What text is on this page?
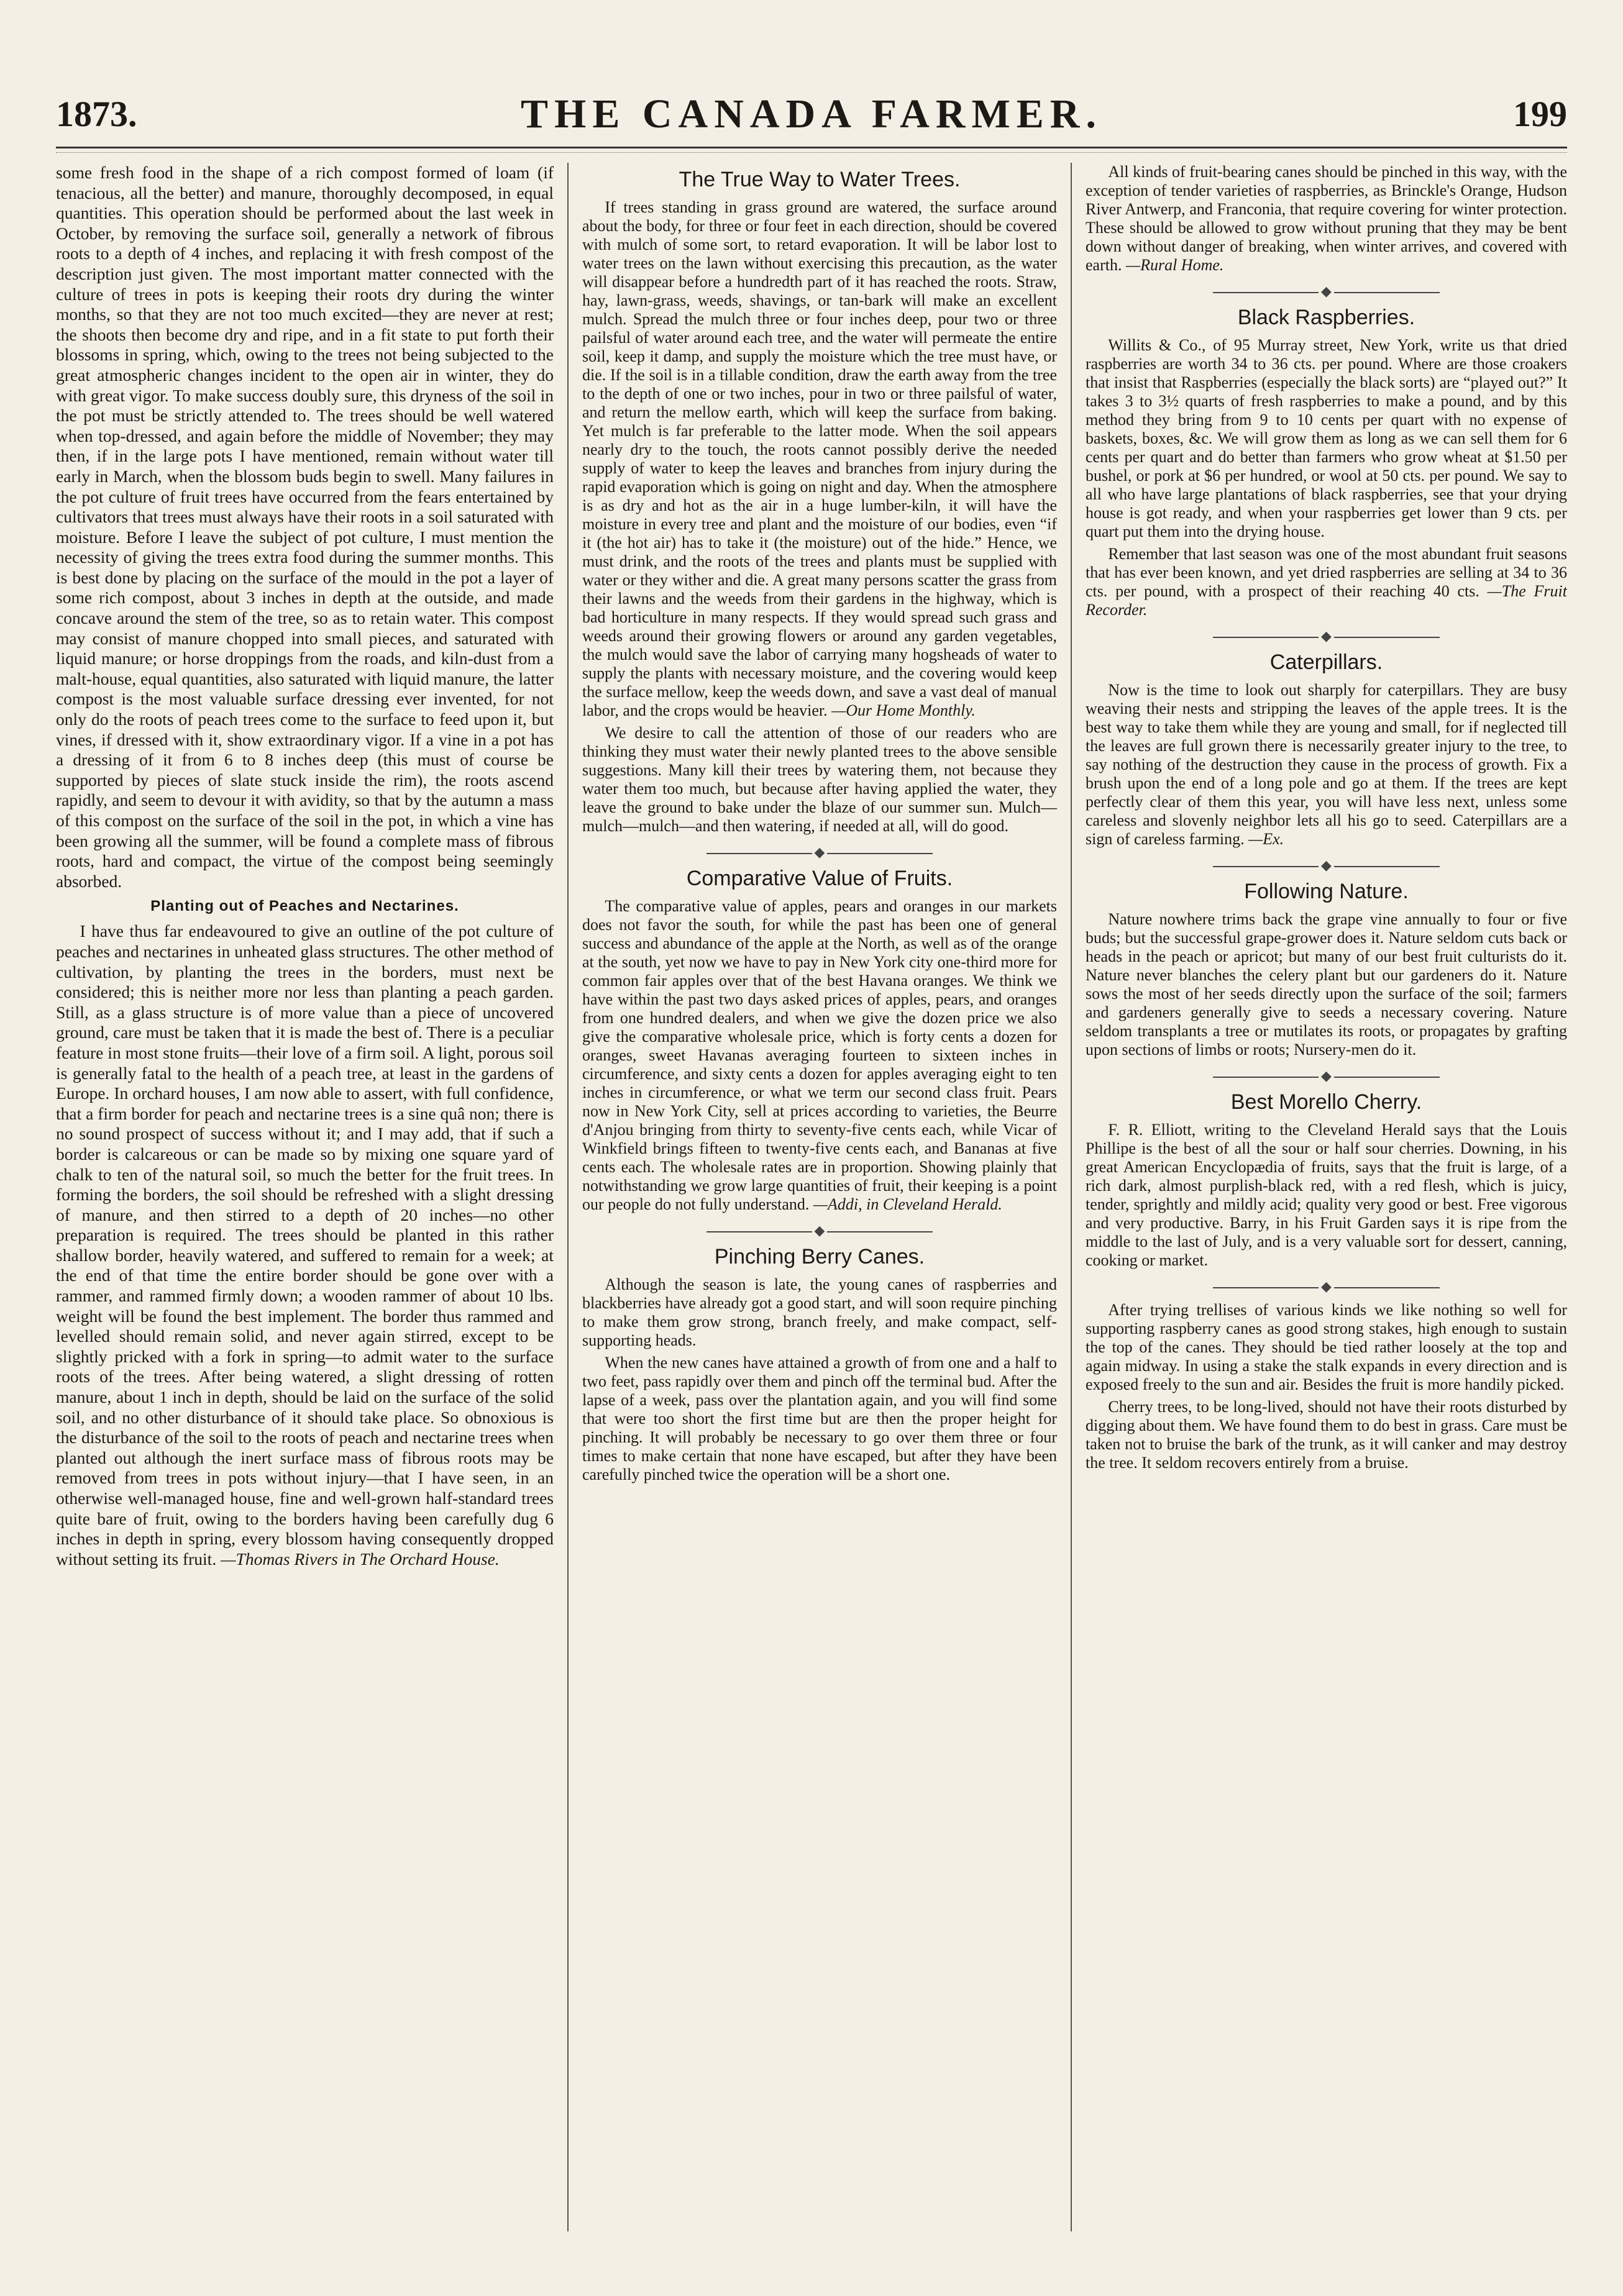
1873.	THE CANADA FARMER.	199

some fresh food in the shape of a rich compost formed of loam (if tenacious, all the better) and manure, thoroughly decomposed, in equal quantities. This operation should be performed about the last week in October, by removing the surface soil, generally a network of fibrous roots to a depth of 4 inches, and replacing it with fresh compost of the description just given. The most important matter connected with the culture of trees in pots is keeping their roots dry during the winter months, so that they are not too much excited—they are never at rest; the shoots then become dry and ripe, and in a fit state to put forth their blossoms in spring, which, owing to the trees not being subjected to the great atmospheric changes incident to the open air in winter, they do with great vigor. To make success doubly sure, this dryness of the soil in the pot must be strictly attended to. The trees should be well watered when top-dressed, and again before the middle of November; they may then, if in the large pots I have mentioned, remain without water till early in March, when the blossom buds begin to swell. Many failures in the pot culture of fruit trees have occurred from the fears entertained by cultivators that trees must always have their roots in a soil saturated with moisture. Before I leave the subject of pot culture, I must mention the necessity of giving the trees extra food during the summer months. This is best done by placing on the surface of the mould in the pot a layer of some rich compost, about 3 inches in depth at the outside, and made concave around the stem of the tree, so as to retain water. This compost may consist of manure chopped into small pieces, and saturated with liquid manure; or horse droppings from the roads, and kiln-dust from a malt-house, equal quantities, also saturated with liquid manure, the latter compost is the most valuable surface dressing ever invented, for not only do the roots of peach trees come to the surface to feed upon it, but vines, if dressed with it, show extraordinary vigor. If a vine in a pot has a dressing of it from 6 to 8 inches deep (this must of course be supported by pieces of slate stuck inside the rim), the roots ascend rapidly, and seem to devour it with avidity, so that by the autumn a mass of this compost on the surface of the soil in the pot, in which a vine has been growing all the summer, will be found a complete mass of fibrous roots, hard and compact, the virtue of the compost being seemingly absorbed.

Planting out of Peaches and Nectarines.

I have thus far endeavoured to give an outline of the pot culture of peaches and nectarines in unheated glass structures. The other method of cultivation, by planting the trees in the borders, must next be considered; this is neither more nor less than planting a peach garden. Still, as a glass structure is of more value than a piece of uncovered ground, care must be taken that it is made the best of. There is a peculiar feature in most stone fruits—their love of a firm soil. A light, porous soil is generally fatal to the health of a peach tree, at least in the gardens of Europe. In orchard houses, I am now able to assert, with full confidence, that a firm border for peach and nectarine trees is a sine quâ non; there is no sound prospect of success without it; and I may add, that if such a border is calcareous or can be made so by mixing one square yard of chalk to ten of the natural soil, so much the better for the fruit trees. In forming the borders, the soil should be refreshed with a slight dressing of manure, and then stirred to a depth of 20 inches—no other preparation is required. The trees should be planted in this rather shallow border, heavily watered, and suffered to remain for a week; at the end of that time the entire border should be gone over with a rammer, and rammed firmly down; a wooden rammer of about 10 lbs. weight will be found the best implement. The border thus rammed and levelled should remain solid, and never again stirred, except to be slightly pricked with a fork in spring—to admit water to the surface roots of the trees. After being watered, a slight dressing of rotten manure, about 1 inch in depth, should be laid on the surface of the solid soil, and no other disturbance of it should take place. So obnoxious is the disturbance of the soil to the roots of peach and nectarine trees when planted out although the inert surface mass of fibrous roots may be removed from trees in pots without injury—that I have seen, in an otherwise well-managed house, fine and well-grown half-standard trees quite bare of fruit, owing to the borders having been carefully dug 6 inches in depth in spring, every blossom having consequently dropped without setting its fruit. —Thomas Rivers in The Orchard House.

The True Way to Water Trees.

If trees standing in grass ground are watered, the surface around about the body, for three or four feet in each direction, should be covered with mulch of some sort, to retard evaporation. It will be labor lost to water trees on the lawn without exercising this precaution, as the water will disappear before a hundredth part of it has reached the roots. Straw, hay, lawn-grass, weeds, shavings, or tan-bark will make an excellent mulch. Spread the mulch three or four inches deep, pour two or three pailsful of water around each tree, and the water will permeate the entire soil, keep it damp, and supply the moisture which the tree must have, or die. If the soil is in a tillable condition, draw the earth away from the tree to the depth of one or two inches, pour in two or three pailsful of water, and return the mellow earth, which will keep the surface from baking. Yet mulch is far preferable to the latter mode. When the soil appears nearly dry to the touch, the roots cannot possibly derive the needed supply of water to keep the leaves and branches from injury during the rapid evaporation which is going on night and day. When the atmosphere is as dry and hot as the air in a huge lumber-kiln, it will have the moisture in every tree and plant and the moisture of our bodies, even “if it (the hot air) has to take it (the moisture) out of the hide.” Hence, we must drink, and the roots of the trees and plants must be supplied with water or they wither and die. A great many persons scatter the grass from their lawns and the weeds from their gardens in the highway, which is bad horticulture in many respects. If they would spread such grass and weeds around their growing flowers or around any garden vegetables, the mulch would save the labor of carrying many hogsheads of water to supply the plants with necessary moisture, and the covering would keep the surface mellow, keep the weeds down, and save a vast deal of manual labor, and the crops would be heavier. —Our Home Monthly.

We desire to call the attention of those of our readers who are thinking they must water their newly planted trees to the above sensible suggestions. Many kill their trees by watering them, not because they water them too much, but because after having applied the water, they leave the ground to bake under the blaze of our summer sun. Mulch—mulch—mulch—and then watering, if needed at all, will do good.

◆
Comparative Value of Fruits.

The comparative value of apples, pears and oranges in our markets does not favor the south, for while the past has been one of general success and abundance of the apple at the North, as well as of the orange at the south, yet now we have to pay in New York city one-third more for common fair apples over that of the best Havana oranges. We think we have within the past two days asked prices of apples, pears, and oranges from one hundred dealers, and when we give the dozen price we also give the comparative wholesale price, which is forty cents a dozen for oranges, sweet Havanas averaging fourteen to sixteen inches in circumference, and sixty cents a dozen for apples averaging eight to ten inches in circumference, or what we term our second class fruit. Pears now in New York City, sell at prices according to varieties, the Beurre d'Anjou bringing from thirty to seventy-five cents each, while Vicar of Winkfield brings fifteen to twenty-five cents each, and Bananas at five cents each. The wholesale rates are in proportion. Showing plainly that notwithstanding we grow large quantities of fruit, their keeping is a point our people do not fully understand. —Addi, in Cleveland Herald.

◆
Pinching Berry Canes.

Although the season is late, the young canes of raspberries and blackberries have already got a good start, and will soon require pinching to make them grow strong, branch freely, and make compact, self-supporting heads.

When the new canes have attained a growth of from one and a half to two feet, pass rapidly over them and pinch off the terminal bud. After the lapse of a week, pass over the plantation again, and you will find some that were too short the first time but are then the proper height for pinching. It will probably be necessary to go over them three or four times to make certain that none have escaped, but after they have been carefully pinched twice the operation will be a short one.

All kinds of fruit-bearing canes should be pinched in this way, with the exception of tender varieties of raspberries, as Brinckle's Orange, Hudson River Antwerp, and Franconia, that require covering for winter protection. These should be allowed to grow without pruning that they may be bent down without danger of breaking, when winter arrives, and covered with earth. —Rural Home.

◆
Black Raspberries.

Willits & Co., of 95 Murray street, New York, write us that dried raspberries are worth 34 to 36 cts. per pound. Where are those croakers that insist that Raspberries (especially the black sorts) are “played out?” It takes 3 to 3½ quarts of fresh raspberries to make a pound, and by this method they bring from 9 to 10 cents per quart with no expense of baskets, boxes, &c. We will grow them as long as we can sell them for 6 cents per quart and do better than farmers who grow wheat at $1.50 per bushel, or pork at $6 per hundred, or wool at 50 cts. per pound. We say to all who have large plantations of black raspberries, see that your drying house is got ready, and when your raspberries get lower than 9 cts. per quart put them into the drying house.

Remember that last season was one of the most abundant fruit seasons that has ever been known, and yet dried raspberries are selling at 34 to 36 cts. per pound, with a prospect of their reaching 40 cts. —The Fruit Recorder.

◆
Caterpillars.

Now is the time to look out sharply for caterpillars. They are busy weaving their nests and stripping the leaves of the apple trees. It is the best way to take them while they are young and small, for if neglected till the leaves are full grown there is necessarily greater injury to the tree, to say nothing of the destruction they cause in the process of growth. Fix a brush upon the end of a long pole and go at them. If the trees are kept perfectly clear of them this year, you will have less next, unless some careless and slovenly neighbor lets all his go to seed. Caterpillars are a sign of careless farming. —Ex.

◆
Following Nature.

Nature nowhere trims back the grape vine annually to four or five buds; but the successful grape-grower does it. Nature seldom cuts back or heads in the peach or apricot; but many of our best fruit culturists do it. Nature never blanches the celery plant but our gardeners do it. Nature sows the most of her seeds directly upon the surface of the soil; farmers and gardeners generally give to seeds a necessary covering. Nature seldom transplants a tree or mutilates its roots, or propagates by grafting upon sections of limbs or roots; Nursery-men do it.

◆
Best Morello Cherry.

F. R. Elliott, writing to the Cleveland Herald says that the Louis Phillipe is the best of all the sour or half sour cherries. Downing, in his great American Encyclopædia of fruits, says that the fruit is large, of a rich dark, almost purplish-black red, with a red flesh, which is juicy, tender, sprightly and mildly acid; quality very good or best. Free vigorous and very productive. Barry, in his Fruit Garden says it is ripe from the middle to the last of July, and is a very valuable sort for dessert, canning, cooking or market.

◆

After trying trellises of various kinds we like nothing so well for supporting raspberry canes as good strong stakes, high enough to sustain the top of the canes. They should be tied rather loosely at the top and again midway. In using a stake the stalk expands in every direction and is exposed freely to the sun and air. Besides the fruit is more handily picked.

Cherry trees, to be long-lived, should not have their roots disturbed by digging about them. We have found them to do best in grass. Care must be taken not to bruise the bark of the trunk, as it will canker and may destroy the tree. It seldom recovers entirely from a bruise.
